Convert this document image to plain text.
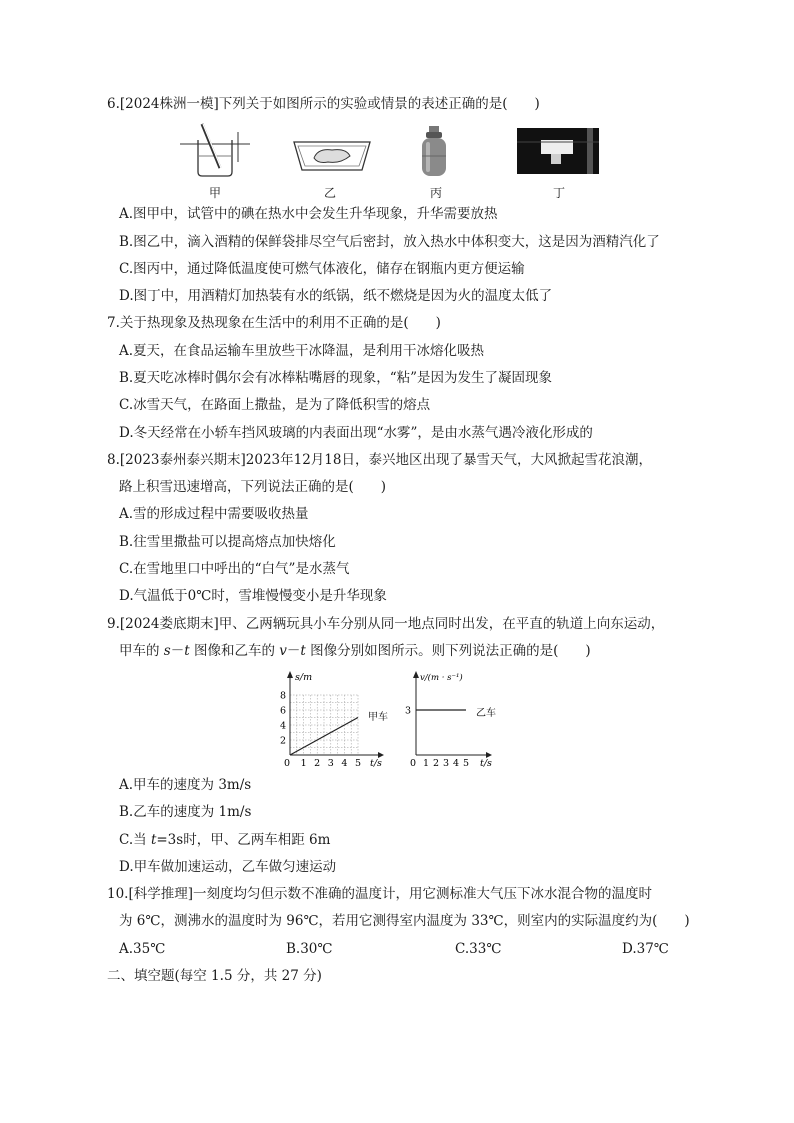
6.[2024株洲一模]下列关于如图所示的实验或情景的表述正确的是(　　)
甲	乙	丙	丁
A.图甲中，试管中的碘在热水中会发生升华现象，升华需要放热
B.图乙中，滴入酒精的保鲜袋排尽空气后密封，放入热水中体积变大，这是因为酒精汽化了
C.图丙中，通过降低温度使可燃气体液化，储存在钢瓶内更方便运输
D.图丁中，用酒精灯加热装有水的纸锅，纸不燃烧是因为火的温度太低了
7.关于热现象及热现象在生活中的利用不正确的是(　　)
A.夏天，在食品运输车里放些干冰降温，是利用干冰熔化吸热
B.夏天吃冰棒时偶尔会有冰棒粘嘴唇的现象，“粘”是因为发生了凝固现象
C.冰雪天气，在路面上撒盐，是为了降低积雪的熔点
D.冬天经常在小轿车挡风玻璃的内表面出现“水雾”，是由水蒸气遇冷液化形成的
8.[2023泰州泰兴期末]2023年12月18日，泰兴地区出现了暴雪天气，大风掀起雪花浪潮，
路上积雪迅速增高，下列说法正确的是(　　)
A.雪的形成过程中需要吸收热量
B.往雪里撒盐可以提高熔点加快熔化
C.在雪地里口中呼出的“白气”是水蒸气
D.气温低于0℃时，雪堆慢慢变小是升华现象
9.[2024娄底期末]甲、乙两辆玩具小车分别从同一地点同时出发，在平直的轨道上向东运动，
甲车的 s－t 图像和乙车的 v－t 图像分别如图所示。则下列说法正确的是(　　)
s/m
t/s
0 1 2 3 4 5
2
4
6
8
甲车
v/(m · s⁻¹)
t/s
0 1 2 3 4 5
3	乙车
A.甲车的速度为 3m/s
B.乙车的速度为 1m/s
C.当 t=3s时，甲、乙两车相距 6m
D.甲车做加速运动，乙车做匀速运动
10.[科学推理]一刻度均匀但示数不准确的温度计，用它测标准大气压下冰水混合物的温度时
为 6℃，测沸水的温度时为 96℃，若用它测得室内温度为 33℃，则室内的实际温度约为(　　)
A.35℃	B.30℃	C.33℃	D.37℃
二、填空题(每空 1.5 分，共 27 分)
